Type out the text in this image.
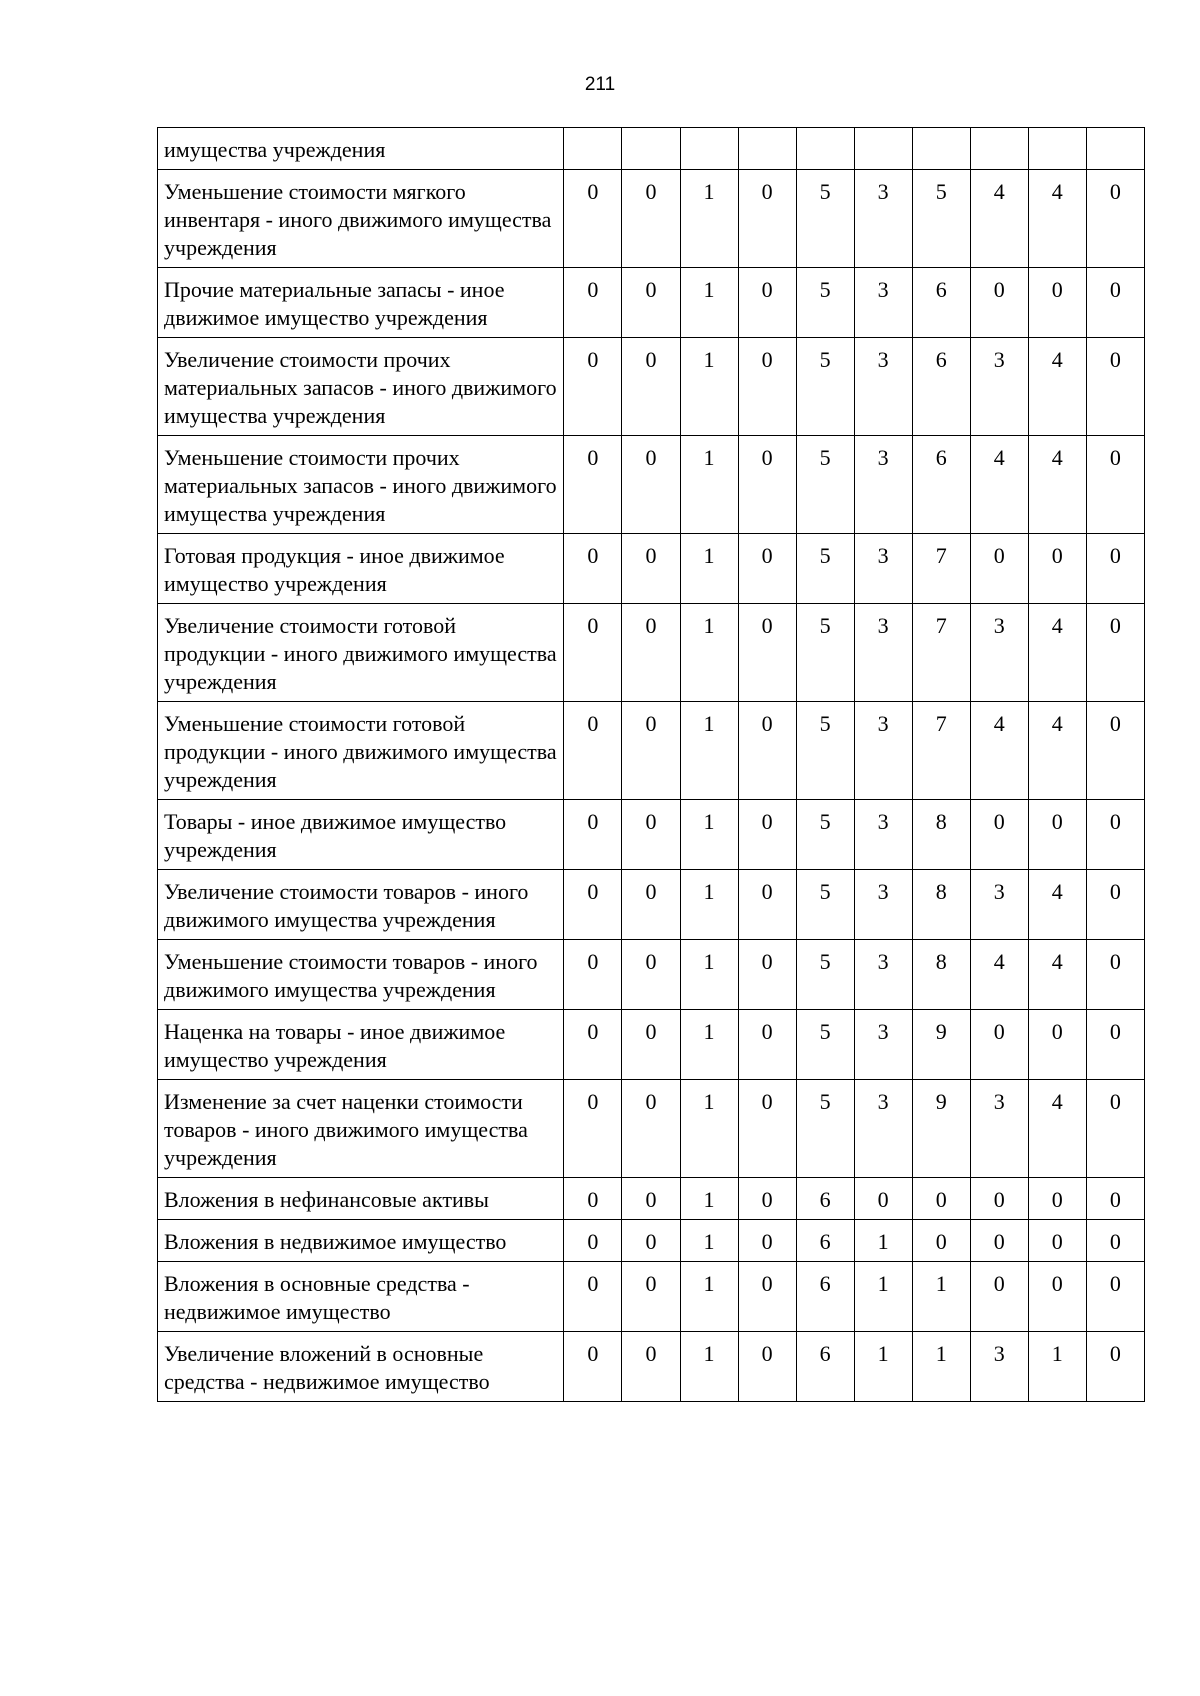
211
имущества учреждения										
Уменьшение стоимости мягкого инвентаря - иного движимого имущества учреждения	0	0	1	0	5	3	5	4	4	0
Прочие материальные запасы - иное движимое имущество учреждения	0	0	1	0	5	3	6	0	0	0
Увеличение стоимости прочих материальных запасов - иного движимого имущества учреждения	0	0	1	0	5	3	6	3	4	0
Уменьшение стоимости прочих материальных запасов - иного движимого имущества учреждения	0	0	1	0	5	3	6	4	4	0
Готовая продукция - иное движимое имущество учреждения	0	0	1	0	5	3	7	0	0	0
Увеличение стоимости готовой продукции - иного движимого имущества учреждения	0	0	1	0	5	3	7	3	4	0
Уменьшение стоимости готовой продукции - иного движимого имущества учреждения	0	0	1	0	5	3	7	4	4	0
Товары - иное движимое имущество учреждения	0	0	1	0	5	3	8	0	0	0
Увеличение стоимости товаров - иного движимого имущества учреждения	0	0	1	0	5	3	8	3	4	0
Уменьшение стоимости товаров - иного движимого имущества учреждения	0	0	1	0	5	3	8	4	4	0
Наценка на товары - иное движимое имущество учреждения	0	0	1	0	5	3	9	0	0	0
Изменение за счет наценки стоимости товаров - иного движимого имущества учреждения	0	0	1	0	5	3	9	3	4	0
Вложения в нефинансовые активы	0	0	1	0	6	0	0	0	0	0
Вложения в недвижимое имущество	0	0	1	0	6	1	0	0	0	0
Вложения в основные средства - недвижимое имущество	0	0	1	0	6	1	1	0	0	0
Увеличение вложений в основные средства - недвижимое имущество	0	0	1	0	6	1	1	3	1	0
